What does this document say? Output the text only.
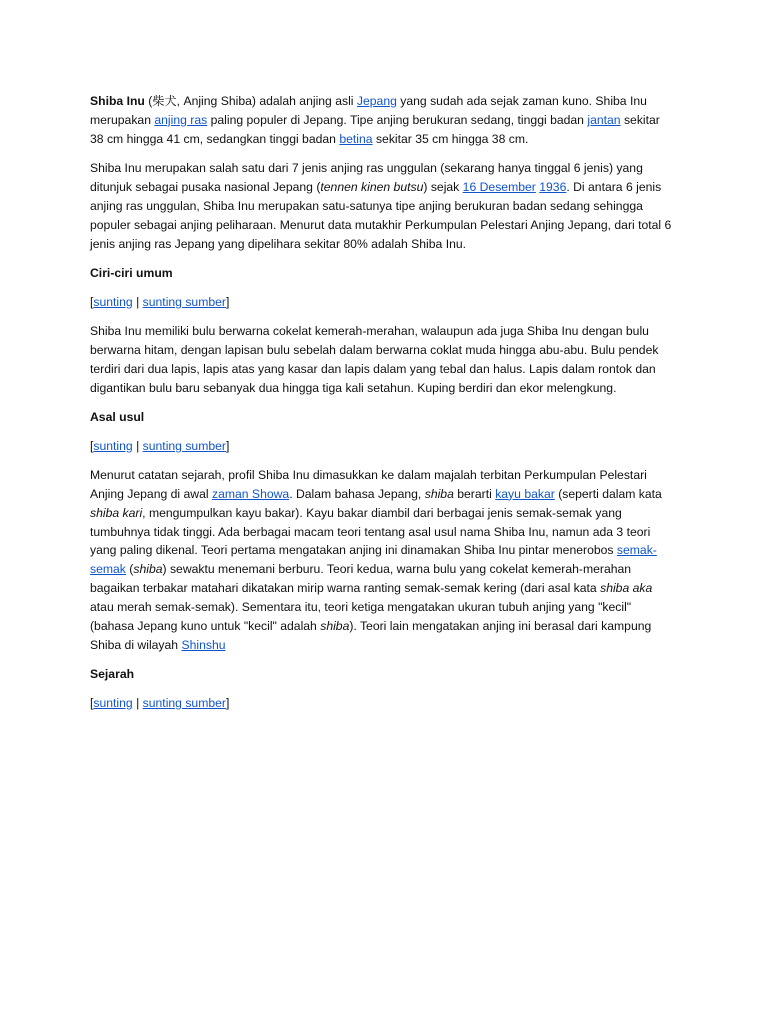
Shiba Inu (柴犬, Anjing Shiba) adalah anjing asli Jepang yang sudah ada sejak zaman kuno. Shiba Inu merupakan anjing ras paling populer di Jepang. Tipe anjing berukuran sedang, tinggi badan jantan sekitar 38 cm hingga 41 cm, sedangkan tinggi badan betina sekitar 35 cm hingga 38 cm.

Shiba Inu merupakan salah satu dari 7 jenis anjing ras unggulan (sekarang hanya tinggal 6 jenis) yang ditunjuk sebagai pusaka nasional Jepang (tennen kinen butsu) sejak 16 Desember 1936. Di antara 6 jenis anjing ras unggulan, Shiba Inu merupakan satu-satunya tipe anjing berukuran badan sedang sehingga populer sebagai anjing peliharaan. Menurut data mutakhir Perkumpulan Pelestari Anjing Jepang, dari total 6 jenis anjing ras Jepang yang dipelihara sekitar 80% adalah Shiba Inu.

Ciri-ciri umum
[sunting | sunting sumber]

Shiba Inu memiliki bulu berwarna cokelat kemerah-merahan, walaupun ada juga Shiba Inu dengan bulu berwarna hitam, dengan lapisan bulu sebelah dalam berwarna coklat muda hingga abu-abu. Bulu pendek terdiri dari dua lapis, lapis atas yang kasar dan lapis dalam yang tebal dan halus. Lapis dalam rontok dan digantikan bulu baru sebanyak dua hingga tiga kali setahun. Kuping berdiri dan ekor melengkung.

Asal usul
[sunting | sunting sumber]

Menurut catatan sejarah, profil Shiba Inu dimasukkan ke dalam majalah terbitan Perkumpulan Pelestari Anjing Jepang di awal zaman Showa. Dalam bahasa Jepang, shiba berarti kayu bakar (seperti dalam kata shiba kari, mengumpulkan kayu bakar). Kayu bakar diambil dari berbagai jenis semak-semak yang tumbuhnya tidak tinggi. Ada berbagai macam teori tentang asal usul nama Shiba Inu, namun ada 3 teori yang paling dikenal. Teori pertama mengatakan anjing ini dinamakan Shiba Inu pintar menerobos semak-semak (shiba) sewaktu menemani berburu. Teori kedua, warna bulu yang cokelat kemerah-merahan bagaikan terbakar matahari dikatakan mirip warna ranting semak-semak kering (dari asal kata shiba aka atau merah semak-semak). Sementara itu, teori ketiga mengatakan ukuran tubuh anjing yang "kecil" (bahasa Jepang kuno untuk "kecil" adalah shiba). Teori lain mengatakan anjing ini berasal dari kampung Shiba di wilayah Shinshu

Sejarah
[sunting | sunting sumber]
